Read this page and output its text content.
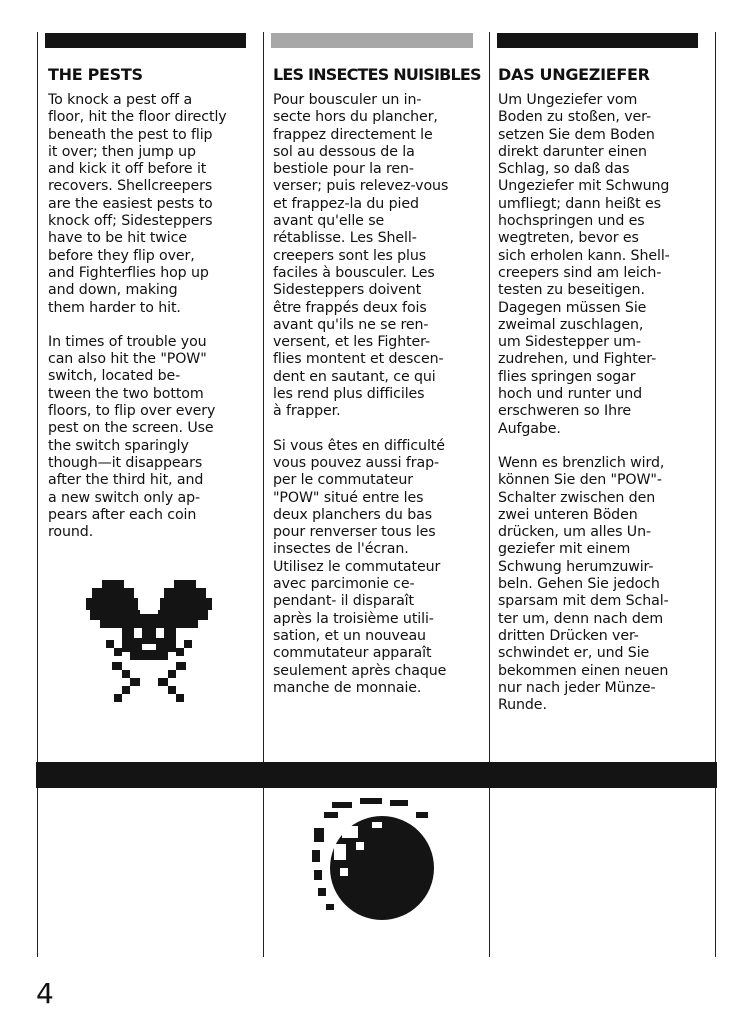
THE PESTS

To knock a pest off a
floor, hit the floor directly
beneath the pest to flip
it over; then jump up
and kick it off before it
recovers. Shellcreepers
are the easiest pests to
knock off; Sidesteppers
have to be hit twice
before they flip over,
and Fighterflies hop up
and down, making
them harder to hit.

In times of trouble you
can also hit the "POW"
switch, located be-
tween the two bottom
floors, to flip over every
pest on the screen. Use
the switch sparingly
though—it disappears
after the third hit, and
a new switch only ap-
pears after each coin
round.

LES INSECTES NUISIBLES

Pour bousculer un in-
secte hors du plancher,
frappez directement le
sol au dessous de la
bestiole pour la ren-
verser; puis relevez-vous
et frappez-la du pied
avant qu'elle se
rétablisse. Les Shell-
creepers sont les plus
faciles à bousculer. Les
Sidesteppers doivent
être frappés deux fois
avant qu'ils ne se ren-
versent, et les Fighter-
flies montent et descen-
dent en sautant, ce qui
les rend plus difficiles
à frapper.

Si vous êtes en difficulté
vous pouvez aussi frap-
per le commutateur
"POW" situé entre les
deux planchers du bas
pour renverser tous les
insectes de l'écran.
Utilisez le commutateur
avec parcimonie ce-
pendant- il disparaît
après la troisième utili-
sation, et un nouveau
commutateur apparaît
seulement après chaque
manche de monnaie.

DAS UNGEZIEFER

Um Ungeziefer vom
Boden zu stoßen, ver-
setzen Sie dem Boden
direkt darunter einen
Schlag, so daß das
Ungeziefer mit Schwung
umfliegt; dann heißt es
hochspringen und es
wegtreten, bevor es
sich erholen kann. Shell-
creepers sind am leich-
testen zu beseitigen.
Dagegen müssen Sie
zweimal zuschlagen,
um Sidestepper um-
zudrehen, und Fighter-
flies springen sogar
hoch und runter und
erschweren so Ihre
Aufgabe.

Wenn es brenzlich wird,
können Sie den "POW"-
Schalter zwischen den
zwei unteren Böden
drücken, um alles Un-
geziefer mit einem
Schwung herumzuwir-
beln. Gehen Sie jedoch
sparsam mit dem Schal-
ter um, denn nach dem
dritten Drücken ver-
schwindet er, und Sie
bekommen einen neuen
nur nach jeder Münze-
Runde.

4
